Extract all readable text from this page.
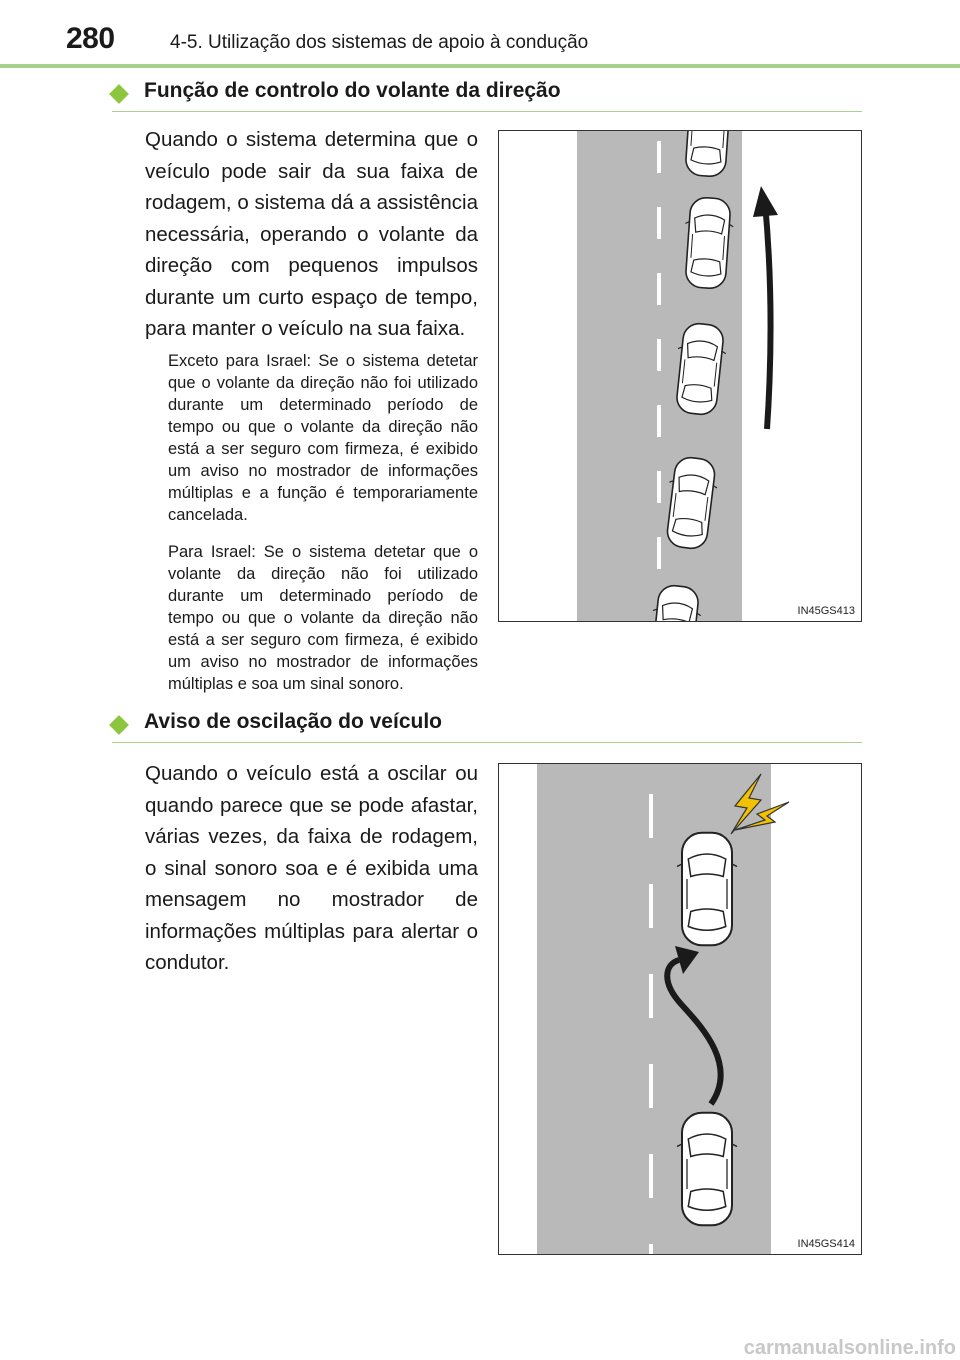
280	4-5. Utilização dos sistemas de apoio à condução
Função de controlo do volante da direção
Quando o sistema determina que o veículo pode sair da sua faixa de rodagem, o sistema dá a assistência necessária, operando o volante da direção com pequenos impulsos durante um curto espaço de tempo, para manter o veículo na sua faixa.
Exceto para Israel: Se o sistema detetar que o volante da direção não foi utilizado durante um determinado período de tempo ou que o volante da direção não está a ser seguro com firmeza, é exibido um aviso no mostrador de informações múltiplas e a função é temporariamente cancelada.
Para Israel: Se o sistema detetar que o volante da direção não foi utilizado durante um determinado período de tempo ou que o volante da direção não está a ser seguro com firmeza, é exibido um aviso no mostrador de informações múltiplas e soa um sinal sonoro.
IN45GS413
Aviso de oscilação do veículo
Quando o veículo está a oscilar ou quando parece que se pode afastar, várias vezes, da faixa de rodagem, o sinal sonoro soa e é exibida uma mensagem no mostrador de informações múltiplas para alertar o condutor.
IN45GS414
carmanualsonline.info
